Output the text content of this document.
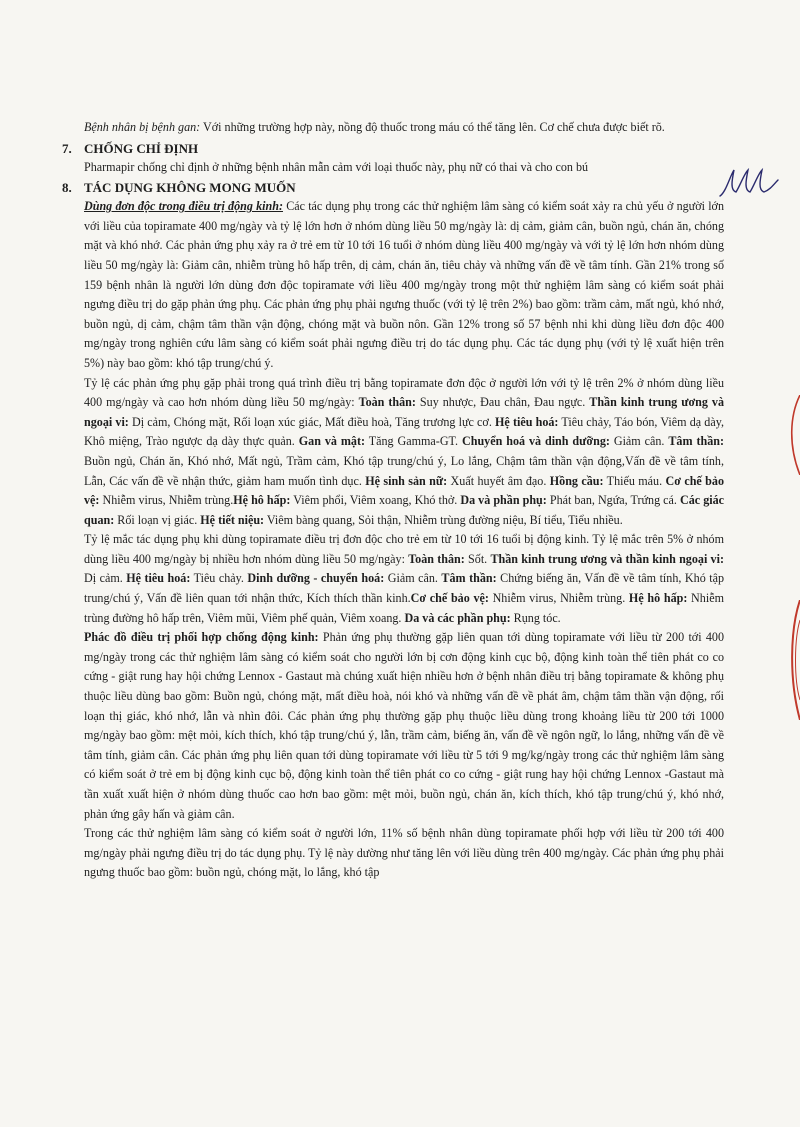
Bệnh nhân bị bệnh gan: Với những trường hợp này, nồng độ thuốc trong máu có thể tăng lên. Cơ chế chưa được biết rõ.

7. CHỐNG CHỈ ĐỊNH

Pharmapir chống chỉ định ở những bệnh nhân mẫn cảm với loại thuốc này, phụ nữ có thai và cho con bú

8. TÁC DỤNG KHÔNG MONG MUỐN

Dùng đơn độc trong điều trị động kinh: Các tác dụng phụ trong các thử nghiệm lâm sàng có kiểm soát xảy ra chủ yếu ở người lớn với liều của topiramate 400 mg/ngày và tỷ lệ lớn hơn ở nhóm dùng liều 50 mg/ngày là: dị cảm, giảm cân, buồn ngủ, chán ăn, chóng mặt và khó nhớ. Các phản ứng phụ xảy ra ở trẻ em từ 10 tới 16 tuổi ở nhóm dùng liều 400 mg/ngày và với tỷ lệ lớn hơn nhóm dùng liều 50 mg/ngày là: Giảm cân, nhiễm trùng hô hấp trên, dị cảm, chán ăn, tiêu chảy và những vấn đề về tâm tính. Gần 21% trong số 159 bệnh nhân là người lớn dùng đơn độc topiramate với liều 400 mg/ngày trong một thử nghiệm lâm sàng có kiểm soát phải ngưng điều trị do gặp phản ứng phụ. Các phản ứng phụ phải ngưng thuốc (với tỷ lệ trên 2%) bao gồm: trầm cảm, mất ngủ, khó nhớ, buồn ngủ, dị cảm, chậm tâm thần vận động, chóng mặt và buồn nôn. Gần 12% trong số 57 bệnh nhi khi dùng liều đơn độc 400 mg/ngày trong nghiên cứu lâm sàng có kiểm soát phải ngưng điều trị do tác dụng phụ. Các tác dụng phụ (với tỷ lệ xuất hiện trên 5%) này bao gồm: khó tập trung/chú ý.

Tỷ lệ các phản ứng phụ gặp phải trong quá trình điều trị bằng topiramate đơn độc ở người lớn với tỷ lệ trên 2% ở nhóm dùng liều 400 mg/ngày và cao hơn nhóm dùng liều 50 mg/ngày: Toàn thân: Suy nhược, Đau chân, Đau ngực. Thần kinh trung ương và ngoại vi: Dị cảm, Chóng mặt, Rối loạn xúc giác, Mất điều hoà, Tăng trương lực cơ. Hệ tiêu hoá: Tiêu chảy, Táo bón, Viêm dạ dày, Khô miệng, Trào ngược dạ dày thực quản. Gan và mật: Tăng Gamma-GT. Chuyển hoá và dinh dưỡng: Giảm cân. Tâm thần: Buồn ngủ, Chán ăn, Khó nhớ, Mất ngủ, Trầm cảm, Khó tập trung/chú ý, Lo lắng, Chậm tâm thần vận động,Vấn đề về tâm tính, Lẫn, Các vấn đề về nhận thức, giảm ham muốn tình dục. Hệ sinh sản nữ: Xuất huyết âm đạo. Hồng cầu: Thiếu máu. Cơ chế bảo vệ: Nhiễm virus, Nhiễm trùng.Hệ hô hấp: Viêm phổi, Viêm xoang, Khó thở. Da và phần phụ: Phát ban, Ngứa, Trứng cá. Các giác quan: Rối loạn vị giác. Hệ tiết niệu: Viêm bàng quang, Sỏi thận, Nhiễm trùng đường niệu, Bí tiểu, Tiểu nhiều.

Tỷ lệ mắc tác dụng phụ khi dùng topiramate điều trị đơn độc cho trẻ em từ 10 tới 16 tuổi bị động kinh. Tỷ lệ mắc trên 5% ở nhóm dùng liều 400 mg/ngày bị nhiều hơn nhóm dùng liều 50 mg/ngày: Toàn thân: Sốt. Thần kinh trung ương và thần kinh ngoại vi: Dị cảm. Hệ tiêu hoá: Tiêu chảy. Dinh dưỡng - chuyển hoá: Giảm cân. Tâm thần: Chứng biếng ăn, Vấn đề về tâm tính, Khó tập trung/chú ý, Vấn đề liên quan tới nhận thức, Kích thích thần kinh.Cơ chế bảo vệ: Nhiễm virus, Nhiễm trùng. Hệ hô hấp: Nhiễm trùng đường hô hấp trên, Viêm mũi, Viêm phế quản, Viêm xoang. Da và các phần phụ: Rụng tóc.

Phác đồ điều trị phối hợp chống động kinh: Phản ứng phụ thường gặp liên quan tới dùng topiramate với liều từ 200 tới 400 mg/ngày trong các thử nghiệm lâm sàng có kiểm soát cho người lớn bị cơn động kinh cục bộ, động kinh toàn thể tiên phát co co cứng - giật rung hay hội chứng Lennox - Gastaut mà chúng xuất hiện nhiều hơn ở bệnh nhân điều trị bằng topiramate & không phụ thuộc liều dùng bao gồm: Buồn ngủ, chóng mặt, mất điều hoà, nói khó và những vấn đề về phát âm, chậm tâm thần vận động, rối loạn thị giác, khó nhớ, lẫn và nhìn đôi. Các phản ứng phụ thường gặp phụ thuộc liều dùng trong khoảng liều từ 200 tới 1000 mg/ngày bao gồm: mệt mỏi, kích thích, khó tập trung/chú ý, lẫn, trầm cảm, biếng ăn, vấn đề về ngôn ngữ, lo lắng, những vấn đề về tâm tính, giảm cân. Các phản ứng phụ liên quan tới dùng topiramate với liều từ 5 tới 9 mg/kg/ngày trong các thử nghiệm lâm sàng có kiểm soát ở trẻ em bị động kinh cục bộ, động kinh toàn thể tiên phát co co cứng - giật rung hay hội chứng Lennox -Gastaut mà tần xuất xuất hiện ở nhóm dùng thuốc cao hơn bao gồm: mệt mỏi, buồn ngủ, chán ăn, kích thích, khó tập trung/chú ý, khó nhớ, phản ứng gây hấn và giảm cân.

Trong các thử nghiệm lâm sàng có kiểm soát ở người lớn, 11% số bệnh nhân dùng topiramate phối hợp với liều từ 200 tới 400 mg/ngày phải ngưng điều trị do tác dụng phụ. Tỷ lệ này dường như tăng lên với liều dùng trên 400 mg/ngày. Các phản ứng phụ phải ngưng thuốc bao gồm: buồn ngủ, chóng mặt, lo lắng, khó tập
